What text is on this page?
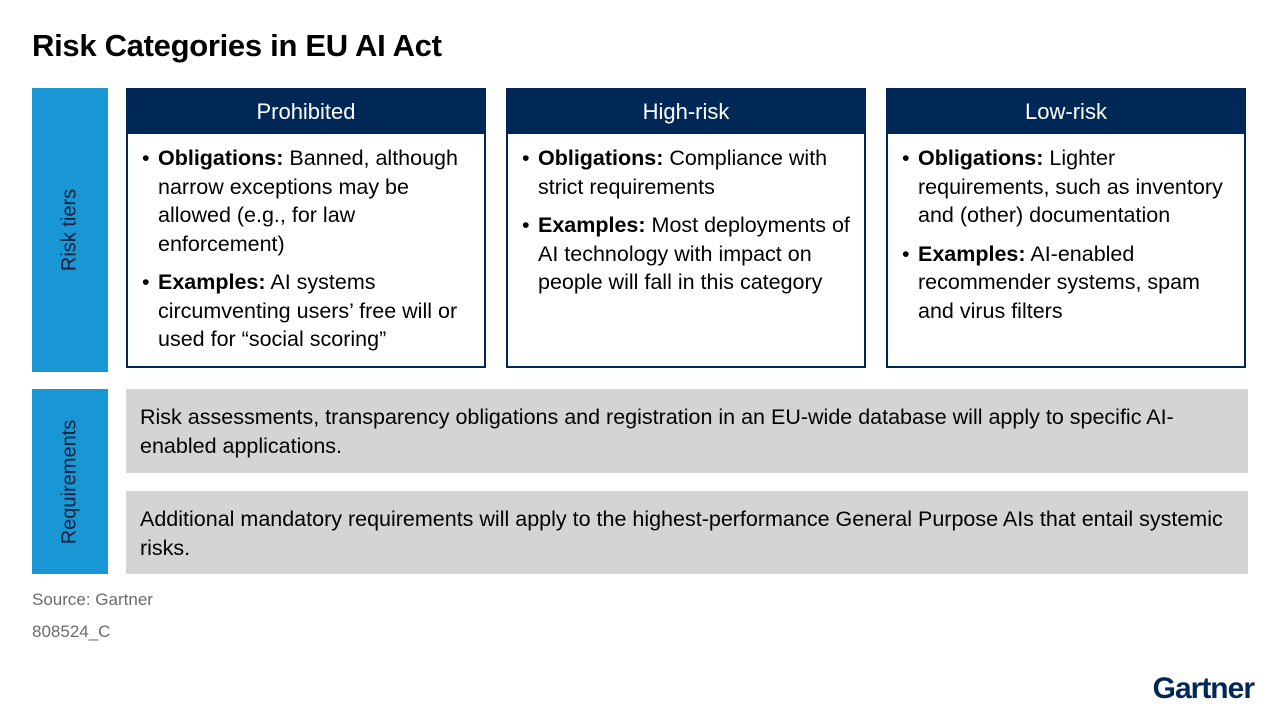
Risk Categories in EU AI Act
Risk tiers
Prohibited
• Obligations: Banned, although narrow exceptions may be allowed (e.g., for law enforcement)
• Examples: AI systems circumventing users’ free will or used for “social scoring”
High-risk
• Obligations: Compliance with strict requirements
• Examples: Most deployments of AI technology with impact on people will fall in this category
Low-risk
• Obligations: Lighter requirements, such as inventory and (other) documentation
• Examples: AI-enabled recommender systems, spam and virus filters
Requirements
Risk assessments, transparency obligations and registration in an EU-wide database will apply to specific AI-enabled applications.
Additional mandatory requirements will apply to the highest-performance General Purpose AIs that entail systemic risks.
Source: Gartner
808524_C
Gartner
